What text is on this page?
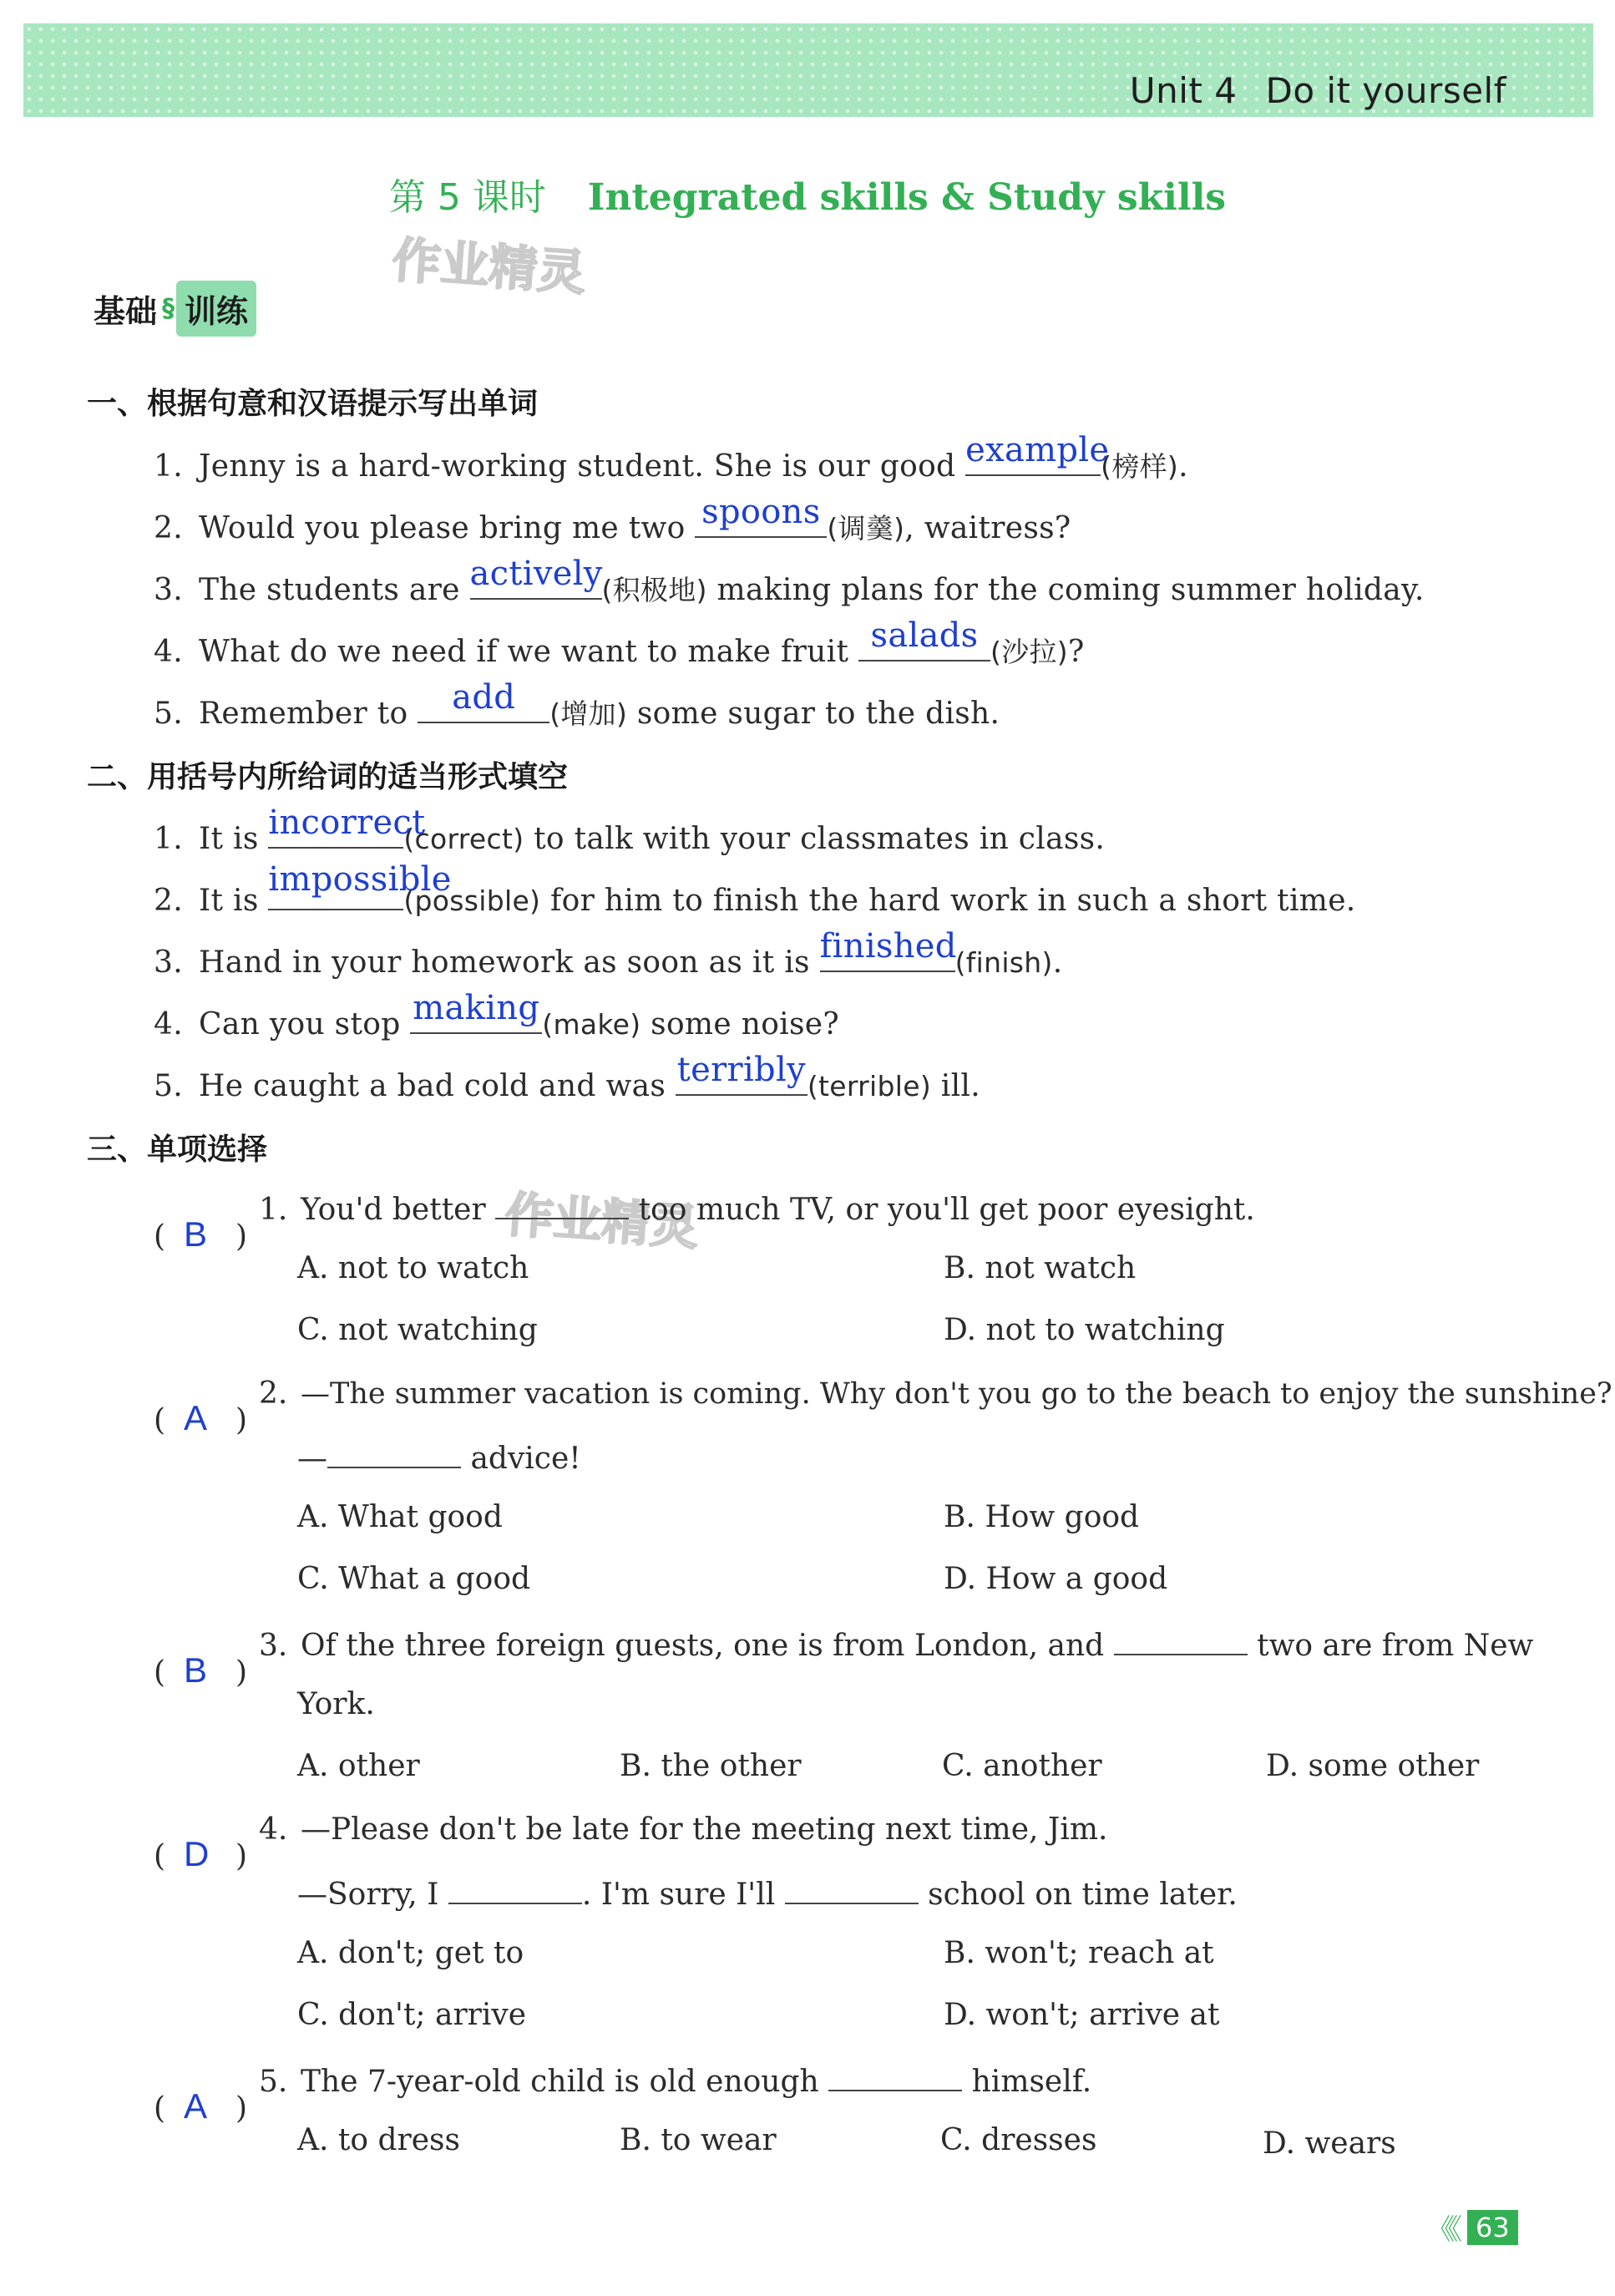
Unit 4 Do it yourself
第 5 课时 Integrated skills & Study skills
作业精灵
作业精灵
基础 § 训练
一、根据句意和汉语提示写出单词
1. Jenny is a hard-working student. She is our good example
(榜样).
2. Would you please bring me two spoons (调羹), waitress?
3. The students are actively
(积极地) making plans for the coming summer holiday.
4. What do we need if we want to make fruit salads (沙拉)?
5. Remember to	add	(增加) some sugar to the dish.
二、用括号内所给词的适当形式填空
1. It is incorrect
(correct) to talk with your classmates in class.
2. It is
impossible
(possible) for him to finish the hard work in such a short time.
3. Hand in your homework as soon as it is finished
(finish).
4. Can you stop making (make) some noise?
5. He caught a bad cold and was terribly (terrible) ill.
三、单项选择
( B )
1. You'd better	too much TV, or you'll get poor eyesight.
A. not to watch	B. not watch
C. not watching	D. not to watching
( A )
2. —The summer vacation is coming. Why don't you go to the beach to enjoy the sunshine?
—	advice!
A. What good	B. How good
C. What a good	D. How a good
( B )
3. Of the three foreign guests, one is from London, and	two are from New
York.
A. other	B. the other	C. another	D. some other
( D )
4. —Please don't be late for the meeting next time, Jim.
—Sorry, I	. I'm sure I'll	school on time later.
A. don't; get to	B. won't; reach at
C. don't; arrive	D. won't; arrive at
( A )
5. The 7-year-old child is old enough	himself.
A. to dress	B. to wear	C. dresses	D. wears
《《 63
